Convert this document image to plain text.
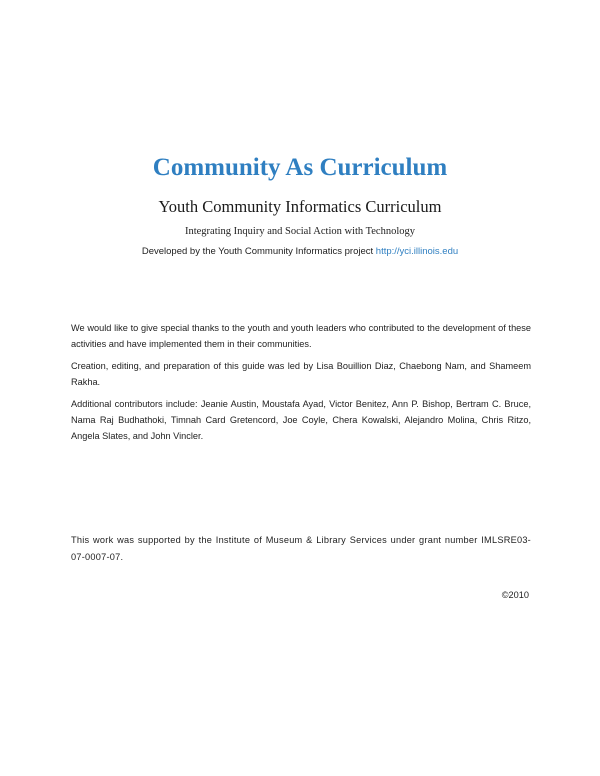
Community As Curriculum

Youth Community Informatics Curriculum

Integrating Inquiry and Social Action with Technology

Developed by the Youth Community Informatics project http://yci.illinois.edu

We would like to give special thanks to the youth and youth leaders who contributed to the development of these activities and have implemented them in their communities.

Creation, editing, and preparation of this guide was led by Lisa Bouillion Diaz, Chaebong Nam, and Shameem Rakha.

Additional contributors include: Jeanie Austin, Moustafa Ayad, Victor Benitez, Ann P. Bishop, Bertram C. Bruce, Nama Raj Budhathoki, Timnah Card Gretencord, Joe Coyle, Chera Kowalski, Alejandro Molina, Chris Ritzo, Angela Slates, and John Vincler.

This work was supported by the Institute of Museum & Library Services under grant number IMLSRE03-07-0007-07.

©2010
